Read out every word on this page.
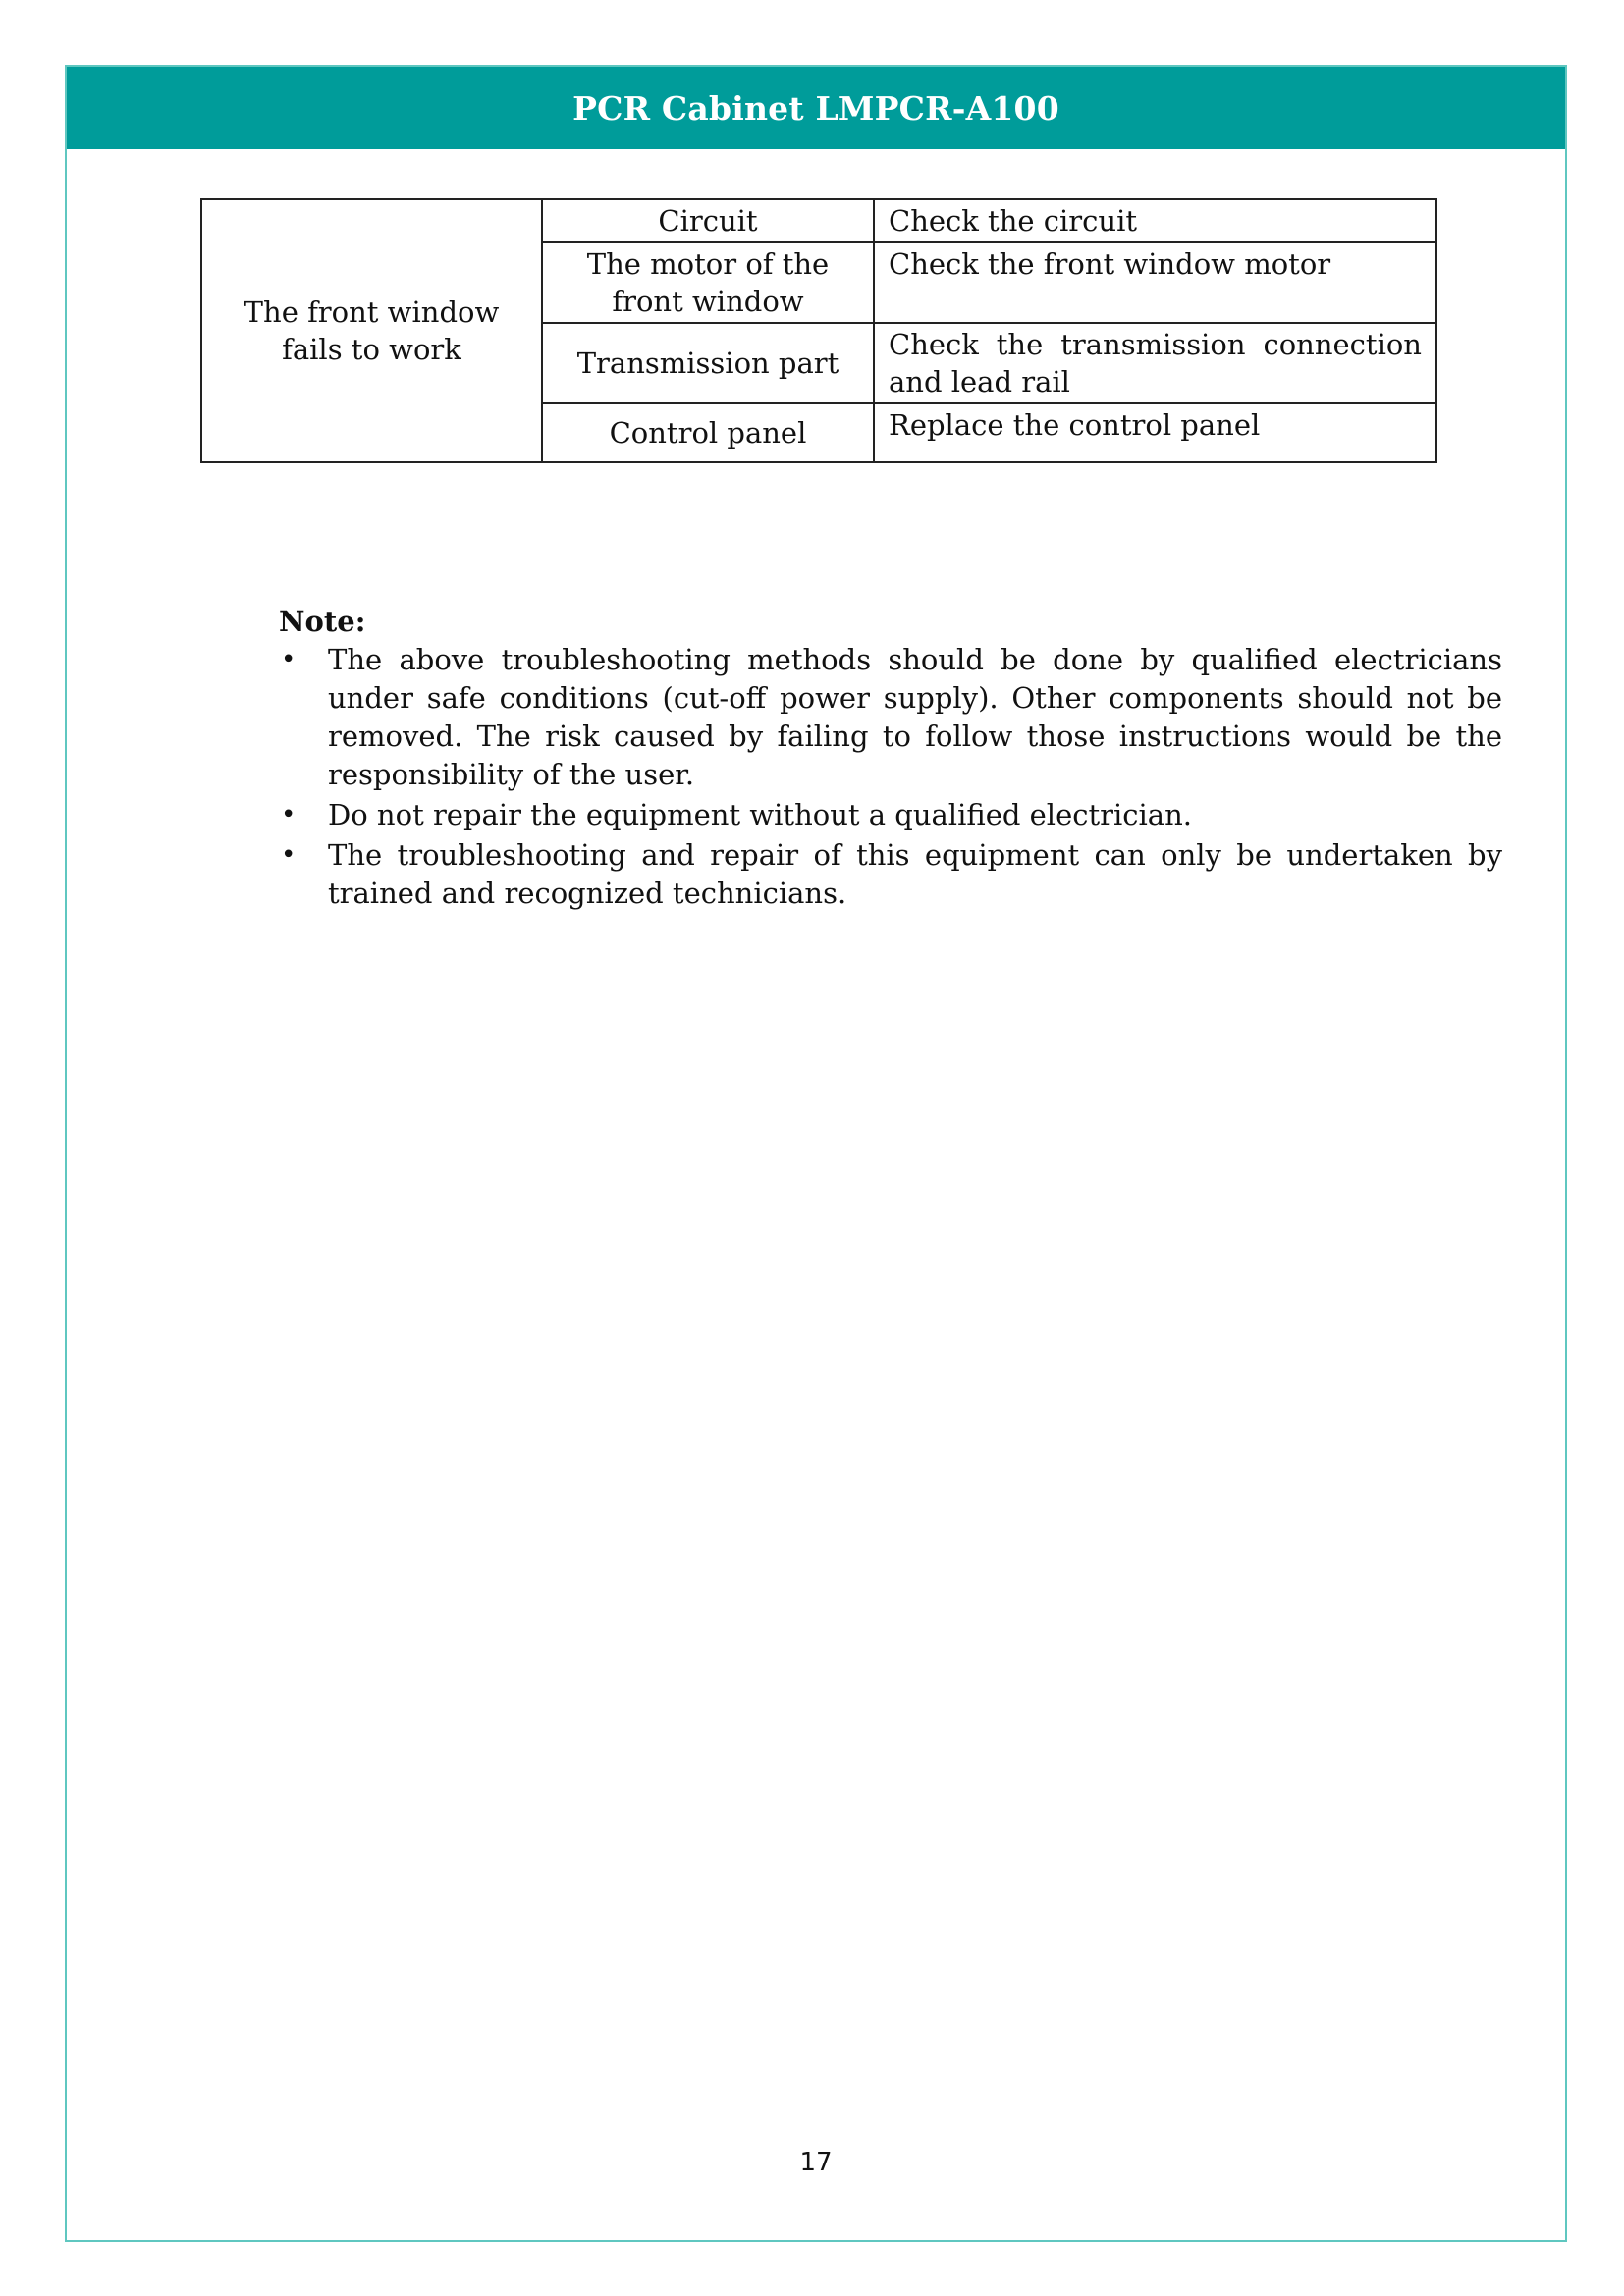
PCR Cabinet LMPCR-A100
The front window fails to work	Circuit	Check the circuit
	The motor of the front window	Check the front window motor
	Transmission part	Check the transmission connection and lead rail
	Control panel	Replace the control panel
Note:
•	The above troubleshooting methods should be done by qualified electricians under safe conditions (cut-off power supply). Other components should not be removed. The risk caused by failing to follow those instructions would be the responsibility of the user.
•	Do not repair the equipment without a qualified electrician.
•	The troubleshooting and repair of this equipment can only be undertaken by trained and recognized technicians.
17
